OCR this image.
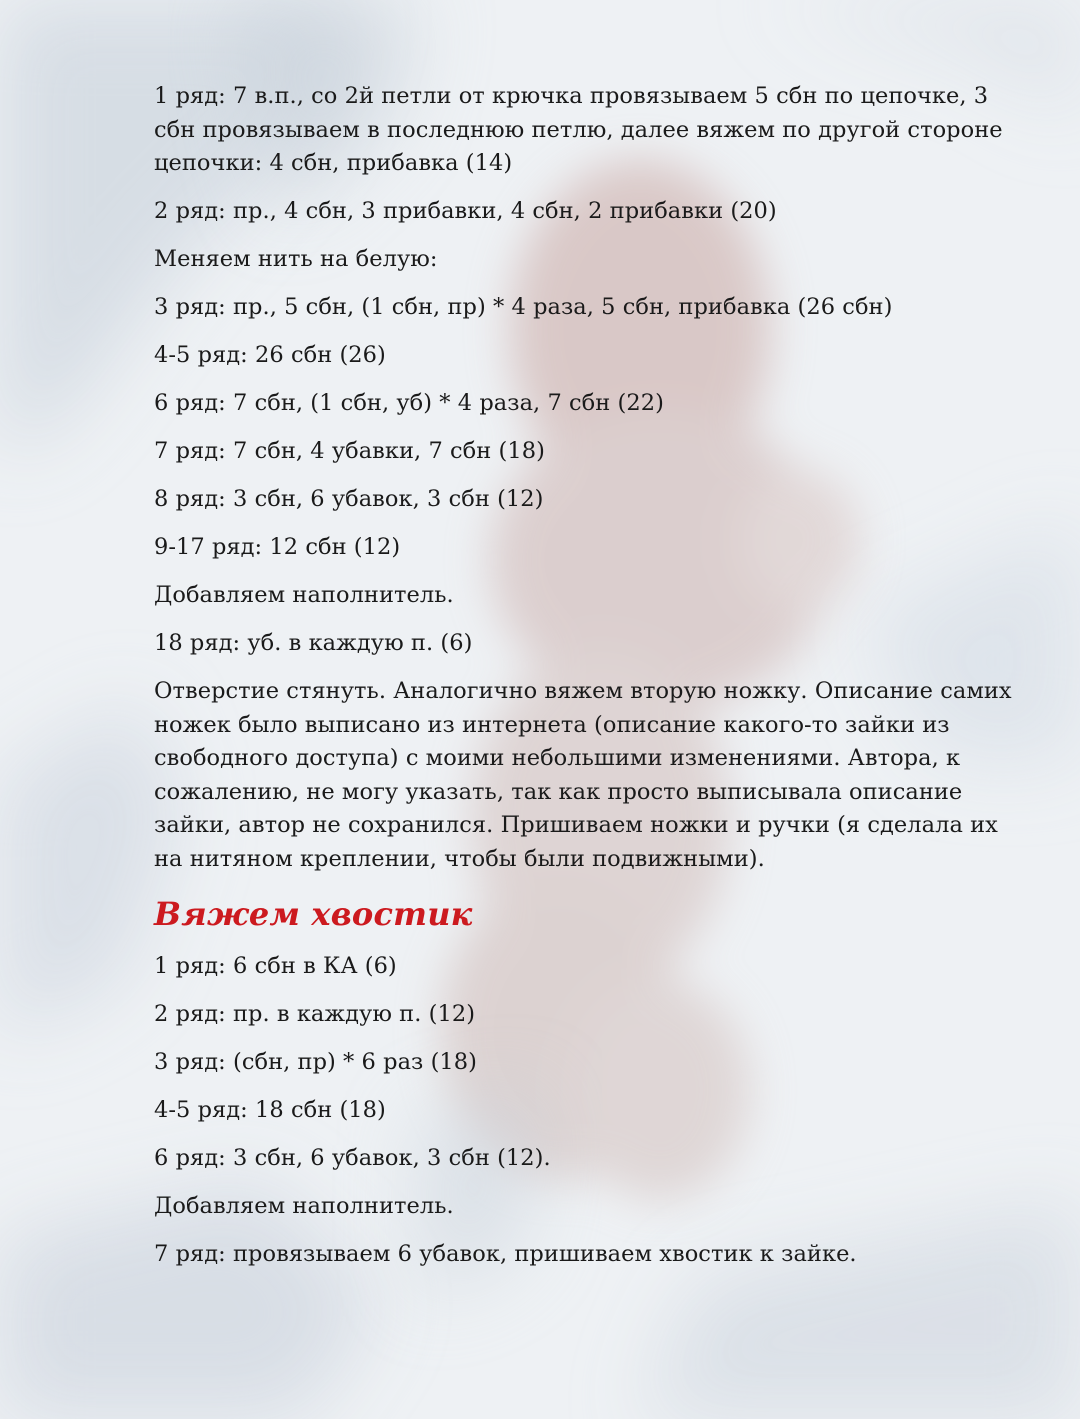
1 ряд: 7 в.п., со 2й петли от крючка провязываем 5 сбн по цепочке, 3 сбн провязываем в последнюю петлю, далее вяжем по другой стороне цепочки: 4 сбн, прибавка (14)

2 ряд: пр., 4 сбн, 3 прибавки, 4 сбн, 2 прибавки (20)

Меняем нить на белую:

3 ряд: пр., 5 сбн, (1 сбн, пр) * 4 раза, 5 сбн, прибавка (26 сбн)

4-5 ряд: 26 сбн (26)

6 ряд: 7 сбн, (1 сбн, уб) * 4 раза, 7 сбн (22)

7 ряд: 7 сбн, 4 убавки, 7 сбн (18)

8 ряд: 3 сбн, 6 убавок, 3 сбн (12)

9-17 ряд: 12 сбн (12)

Добавляем наполнитель.

18 ряд: уб. в каждую п. (6)

Отверстие стянуть. Аналогично вяжем вторую ножку. Описание самих ножек было выписано из интернета (описание какого-то зайки из свободного доступа) с моими небольшими изменениями. Автора, к сожалению, не могу указать, так как просто выписывала описание зайки, автор не сохранился. Пришиваем ножки и ручки (я сделала их на нитяном креплении, чтобы были подвижными).

Вяжем хвостик

1 ряд: 6 сбн в КА (6)

2 ряд: пр. в каждую п. (12)

3 ряд: (сбн, пр) * 6 раз (18)

4-5 ряд: 18 сбн (18)

6 ряд: 3 сбн, 6 убавок, 3 сбн (12).

Добавляем наполнитель.

7 ряд: провязываем 6 убавок, пришиваем хвостик к зайке.
